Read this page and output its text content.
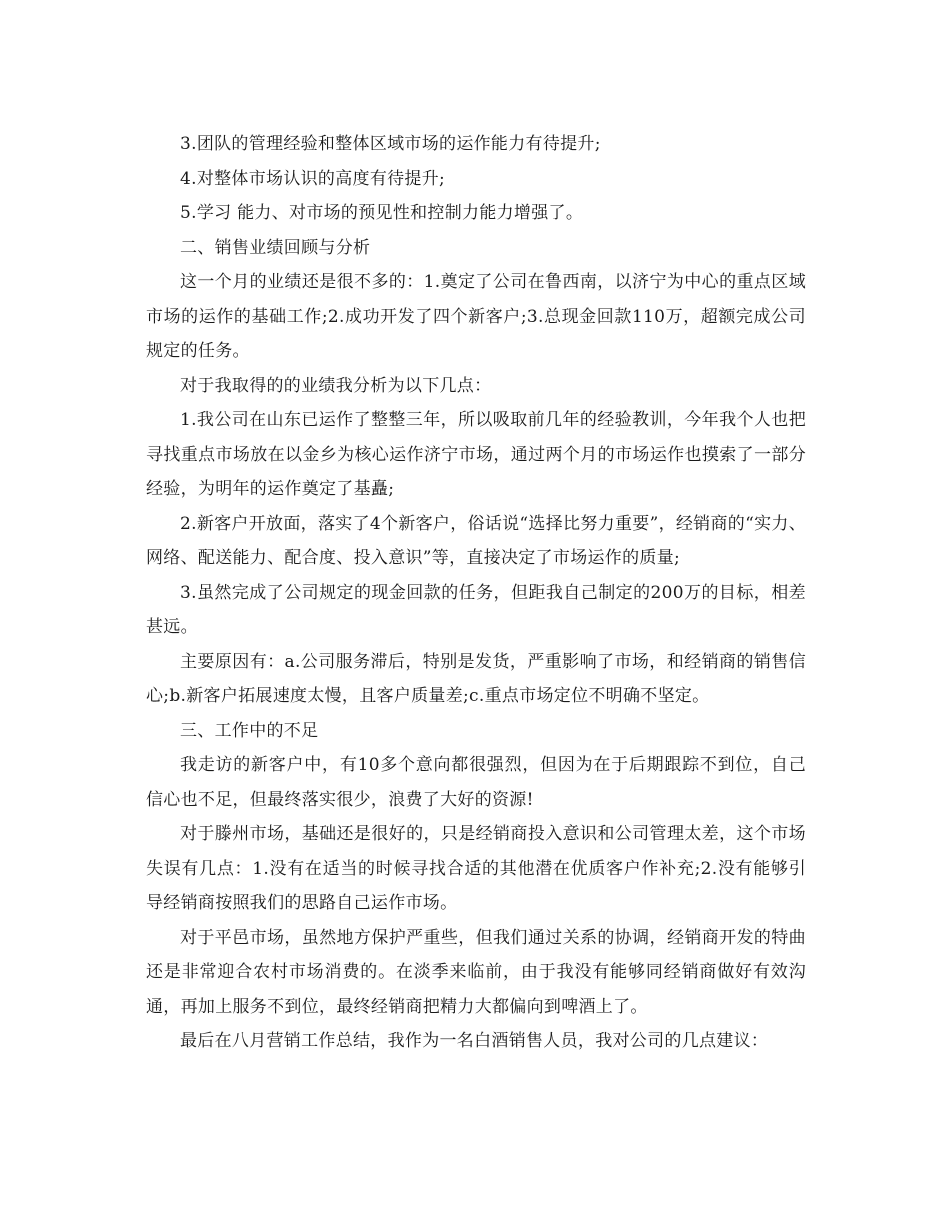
3.团队的管理经验和整体区域市场的运作能力有待提升;

4.对整体市场认识的高度有待提升;

5.学习 能力、对市场的预见性和控制力能力增强了。

二、销售业绩回顾与分析

这一个月的业绩还是很不多的：1.奠定了公司在鲁西南，以济宁为中心的重点区域市场的运作的基础工作;2.成功开发了四个新客户;3.总现金回款110万，超额完成公司规定的任务。

对于我取得的的业绩我分析为以下几点：

1.我公司在山东已运作了整整三年，所以吸取前几年的经验教训，今年我个人也把寻找重点市场放在以金乡为核心运作济宁市场，通过两个月的市场运作也摸索了一部分经验，为明年的运作奠定了基矗;

2.新客户开放面，落实了4个新客户，俗话说“选择比努力重要”，经销商的“实力、网络、配送能力、配合度、投入意识”等，直接决定了市场运作的质量;

3.虽然完成了公司规定的现金回款的任务，但距我自己制定的200万的目标，相差甚远。

主要原因有：a.公司服务滞后，特别是发货，严重影响了市场，和经销商的销售信心;b.新客户拓展速度太慢，且客户质量差;c.重点市场定位不明确不坚定。

三、工作中的不足

我走访的新客户中，有10多个意向都很强烈，但因为在于后期跟踪不到位，自己信心也不足，但最终落实很少，浪费了大好的资源!

对于滕州市场，基础还是很好的，只是经销商投入意识和公司管理太差，这个市场失误有几点：1.没有在适当的时候寻找合适的其他潜在优质客户作补充;2.没有能够引导经销商按照我们的思路自己运作市场。

对于平邑市场，虽然地方保护严重些，但我们通过关系的协调，经销商开发的特曲还是非常迎合农村市场消费的。在淡季来临前，由于我没有能够同经销商做好有效沟通，再加上服务不到位，最终经销商把精力大都偏向到啤酒上了。

最后在八月营销工作总结，我作为一名白酒销售人员，我对公司的几点建议：
